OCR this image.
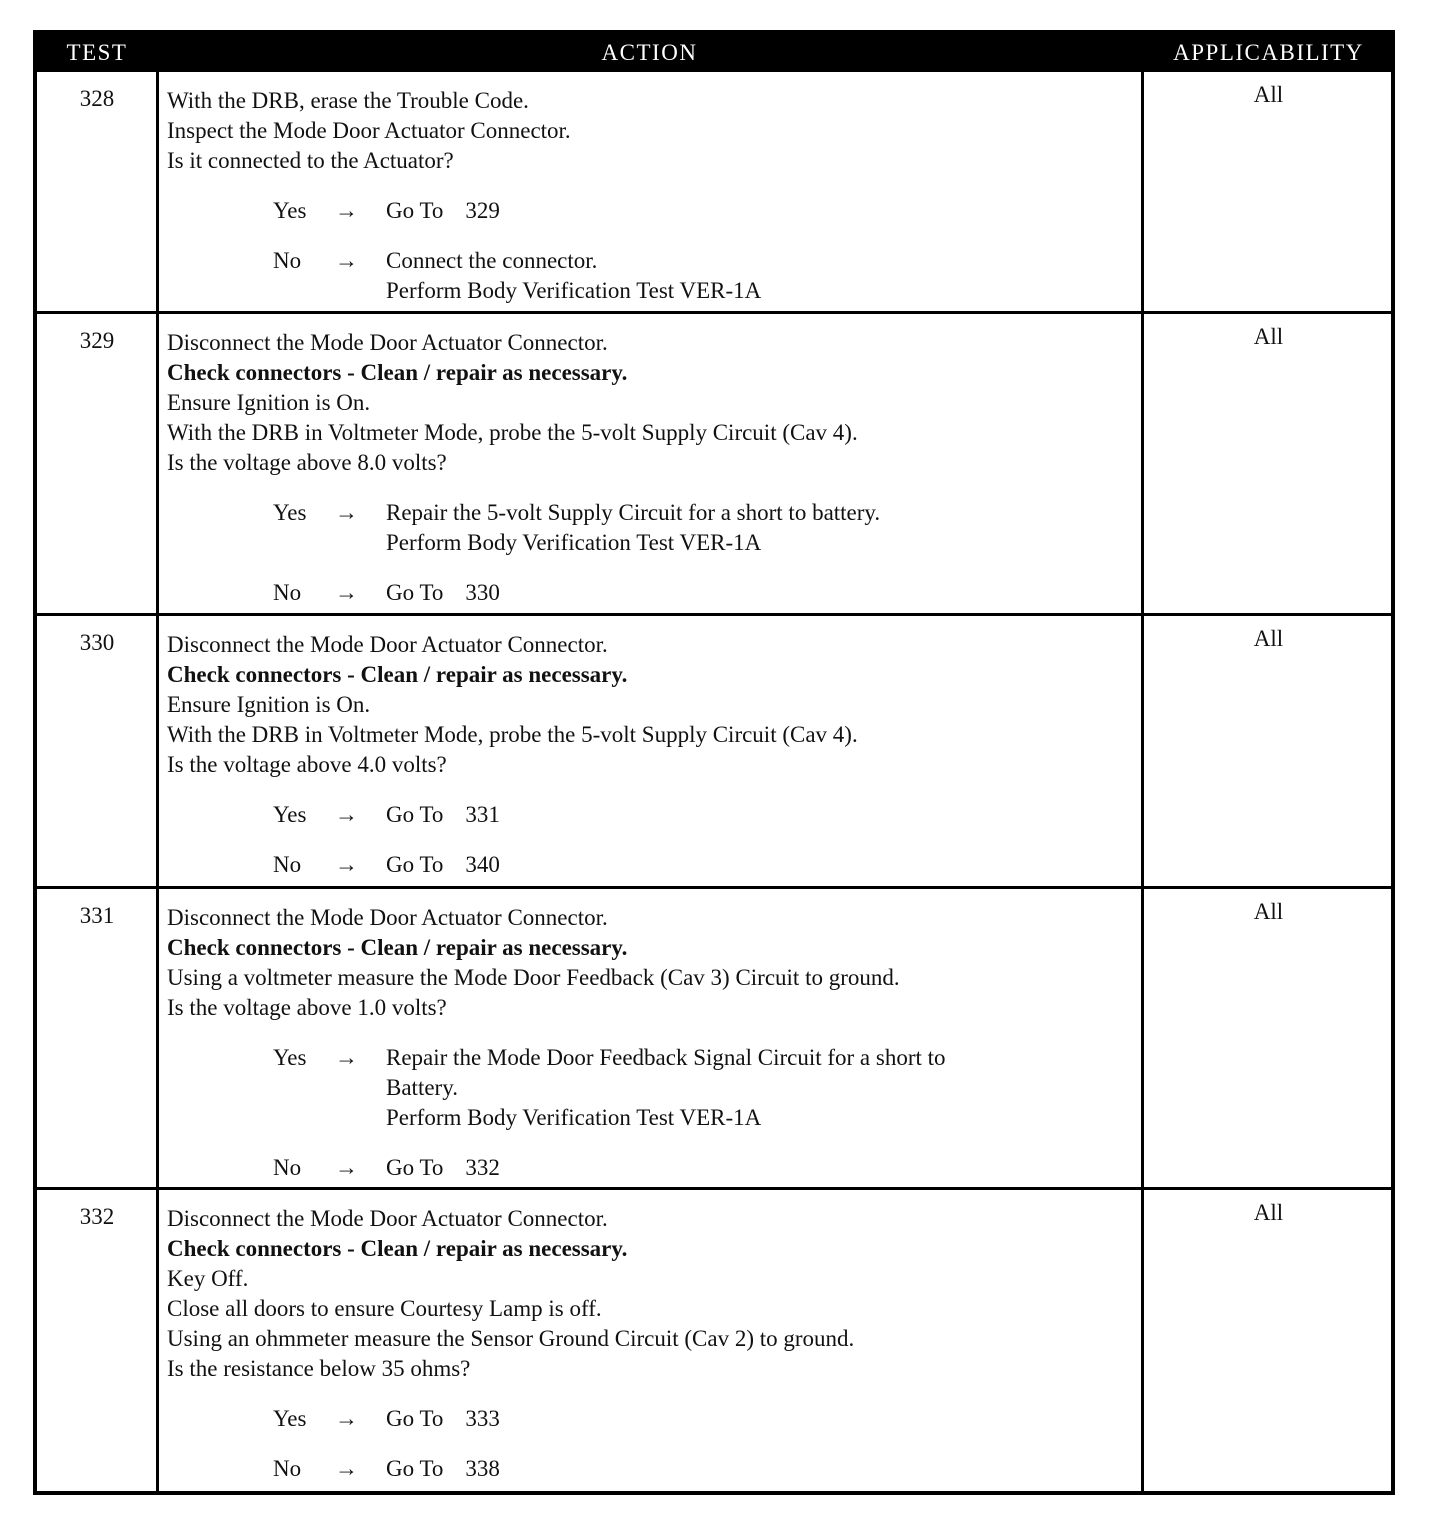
TEST	ACTION	APPLICABILITY
328	With the DRB, erase the Trouble Code.
Inspect the Mode Door Actuator Connector.
Is it connected to the Actuator?
Yes → Go To 329
No → Connect the connector.
Perform Body Verification Test VER-1A
All
329	Disconnect the Mode Door Actuator Connector.
Check connectors - Clean / repair as necessary.
Ensure Ignition is On.
With the DRB in Voltmeter Mode, probe the 5-volt Supply Circuit (Cav 4).
Is the voltage above 8.0 volts?
Yes → Repair the 5-volt Supply Circuit for a short to battery.
Perform Body Verification Test VER-1A
No → Go To 330
All
330	Disconnect the Mode Door Actuator Connector.
Check connectors - Clean / repair as necessary.
Ensure Ignition is On.
With the DRB in Voltmeter Mode, probe the 5-volt Supply Circuit (Cav 4).
Is the voltage above 4.0 volts?
Yes → Go To 331
No → Go To 340
All
331	Disconnect the Mode Door Actuator Connector.
Check connectors - Clean / repair as necessary.
Using a voltmeter measure the Mode Door Feedback (Cav 3) Circuit to ground.
Is the voltage above 1.0 volts?
Yes → Repair the Mode Door Feedback Signal Circuit for a short to
Battery.
Perform Body Verification Test VER-1A
No → Go To 332
All
332	Disconnect the Mode Door Actuator Connector.
Check connectors - Clean / repair as necessary.
Key Off.
Close all doors to ensure Courtesy Lamp is off.
Using an ohmmeter measure the Sensor Ground Circuit (Cav 2) to ground.
Is the resistance below 35 ohms?
Yes → Go To 333
No → Go To 338
All
